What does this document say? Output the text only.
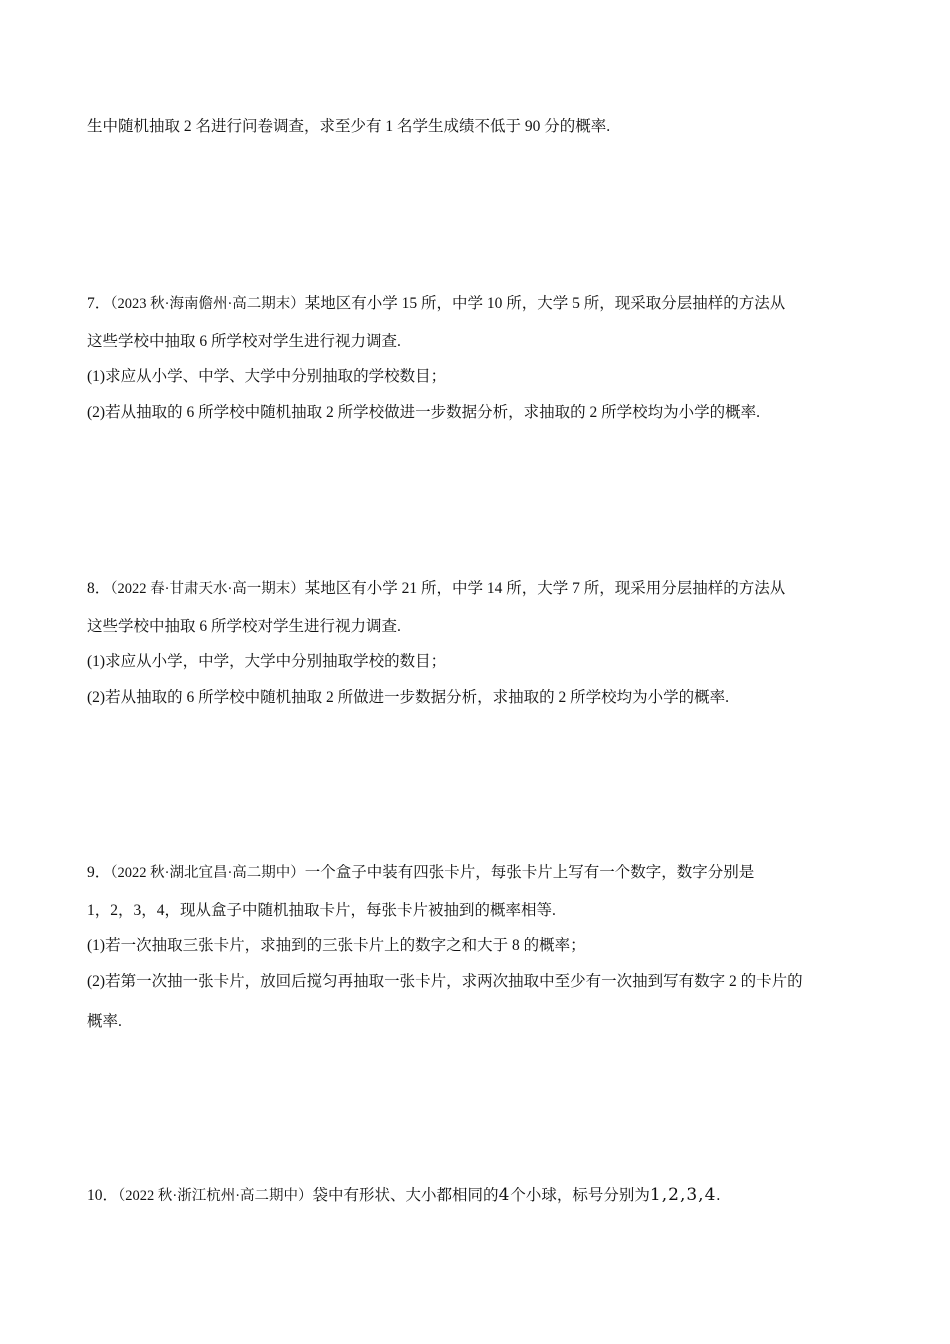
生中随机抽取 2 名进行问卷调查，求至少有 1 名学生成绩不低于 90 分的概率.
7．（2023 秋·海南儋州·高二期末）某地区有小学 15 所，中学 10 所，大学 5 所，现采取分层抽样的方法从
这些学校中抽取 6 所学校对学生进行视力调查.
(1)求应从小学、中学、大学中分别抽取的学校数目；
(2)若从抽取的 6 所学校中随机抽取 2 所学校做进一步数据分析，求抽取的 2 所学校均为小学的概率.
8．（2022 春·甘肃天水·高一期末）某地区有小学 21 所，中学 14 所，大学 7 所，现采用分层抽样的方法从
这些学校中抽取 6 所学校对学生进行视力调查.
(1)求应从小学，中学，大学中分别抽取学校的数目；
(2)若从抽取的 6 所学校中随机抽取 2 所做进一步数据分析，求抽取的 2 所学校均为小学的概率.
9．（2022 秋·湖北宜昌·高二期中）一个盒子中装有四张卡片，每张卡片上写有一个数字，数字分别是
1，2，3，4，现从盒子中随机抽取卡片，每张卡片被抽到的概率相等.
(1)若一次抽取三张卡片，求抽到的三张卡片上的数字之和大于 8 的概率；
(2)若第一次抽一张卡片，放回后搅匀再抽取一张卡片，求两次抽取中至少有一次抽到写有数字 2 的卡片的
概率.
10．（2022 秋·浙江杭州·高二期中）袋中有形状、大小都相同的4个小球，标号分别为1,2,3,4.
